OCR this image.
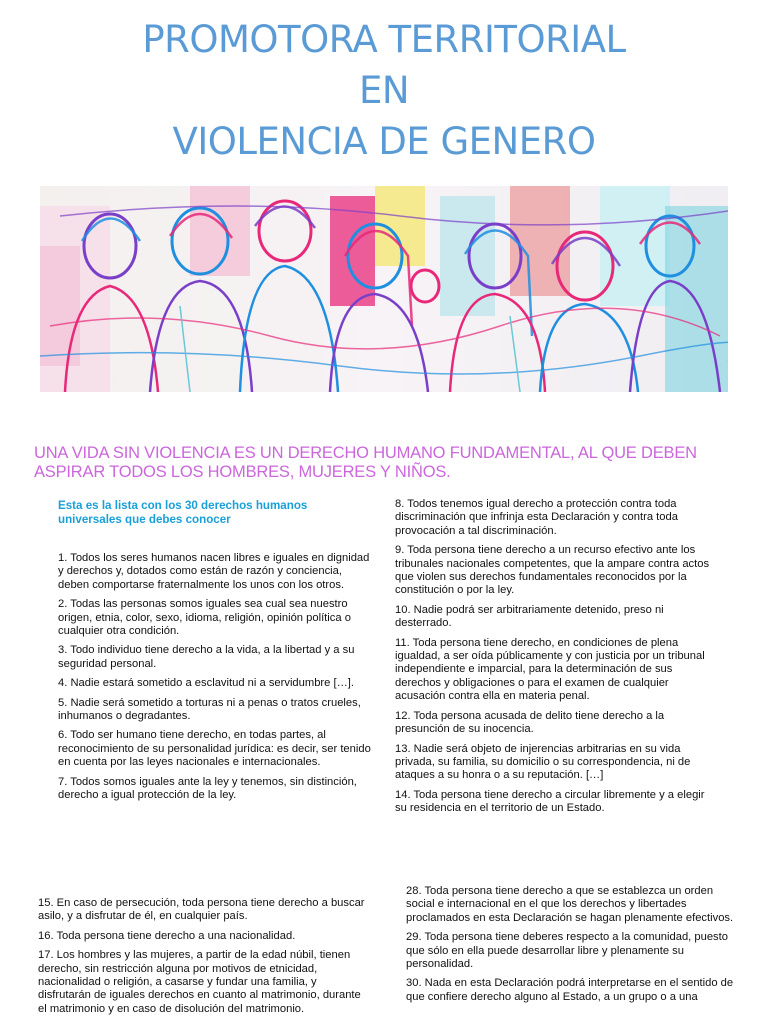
PROMOTORA TERRITORIAL
EN
VIOLENCIA DE GENERO
UNA VIDA SIN VIOLENCIA ES UN DERECHO HUMANO FUNDAMENTAL, AL QUE DEBEN ASPIRAR TODOS LOS HOMBRES, MUJERES Y NIÑOS.
Esta es la lista con los 30 derechos humanos universales que debes conocer

1. Todos los seres humanos nacen libres e iguales en dignidad y derechos y, dotados como están de razón y conciencia, deben comportarse fraternalmente los unos con los otros.

2. Todas las personas somos iguales sea cual sea nuestro origen, etnia, color, sexo, idioma, religión, opinión política o cualquier otra condición.

3. Todo individuo tiene derecho a la vida, a la libertad y a su seguridad personal.

4. Nadie estará sometido a esclavitud ni a servidumbre […].

5. Nadie será sometido a torturas ni a penas o tratos crueles, inhumanos o degradantes.

6. Todo ser humano tiene derecho, en todas partes, al reconocimiento de su personalidad jurídica: es decir, ser tenido en cuenta por las leyes nacionales e internacionales.

7. Todos somos iguales ante la ley y tenemos, sin distinción, derecho a igual protección de la ley.

8. Todos tenemos igual derecho a protección contra toda discriminación que infrinja esta Declaración y contra toda provocación a tal discriminación.

9. Toda persona tiene derecho a un recurso efectivo ante los tribunales nacionales competentes, que la ampare contra actos que violen sus derechos fundamentales reconocidos por la constitución o por la ley.

10. Nadie podrá ser arbitrariamente detenido, preso ni desterrado.

11. Toda persona tiene derecho, en condiciones de plena igualdad, a ser oída públicamente y con justicia por un tribunal independiente e imparcial, para la determinación de sus derechos y obligaciones o para el examen de cualquier acusación contra ella en materia penal.

12. Toda persona acusada de delito tiene derecho a la presunción de su inocencia.

13. Nadie será objeto de injerencias arbitrarias en su vida privada, su familia, su domicilio o su correspondencia, ni de ataques a su honra o a su reputación. […]

14. Toda persona tiene derecho a circular libremente y a elegir su residencia en el territorio de un Estado.

15. En caso de persecución, toda persona tiene derecho a buscar asilo, y a disfrutar de él, en cualquier país.

16. Toda persona tiene derecho a una nacionalidad.

17. Los hombres y las mujeres, a partir de la edad núbil, tienen derecho, sin restricción alguna por motivos de etnicidad, nacionalidad o religión, a casarse y fundar una familia, y disfrutarán de iguales derechos en cuanto al matrimonio, durante el matrimonio y en caso de disolución del matrimonio.

28. Toda persona tiene derecho a que se establezca un orden social e internacional en el que los derechos y libertades proclamados en esta Declaración se hagan plenamente efectivos.

29. Toda persona tiene deberes respecto a la comunidad, puesto que sólo en ella puede desarrollar libre y plenamente su personalidad.

30. Nada en esta Declaración podrá interpretarse en el sentido de que confiere derecho alguno al Estado, a un grupo o a una
